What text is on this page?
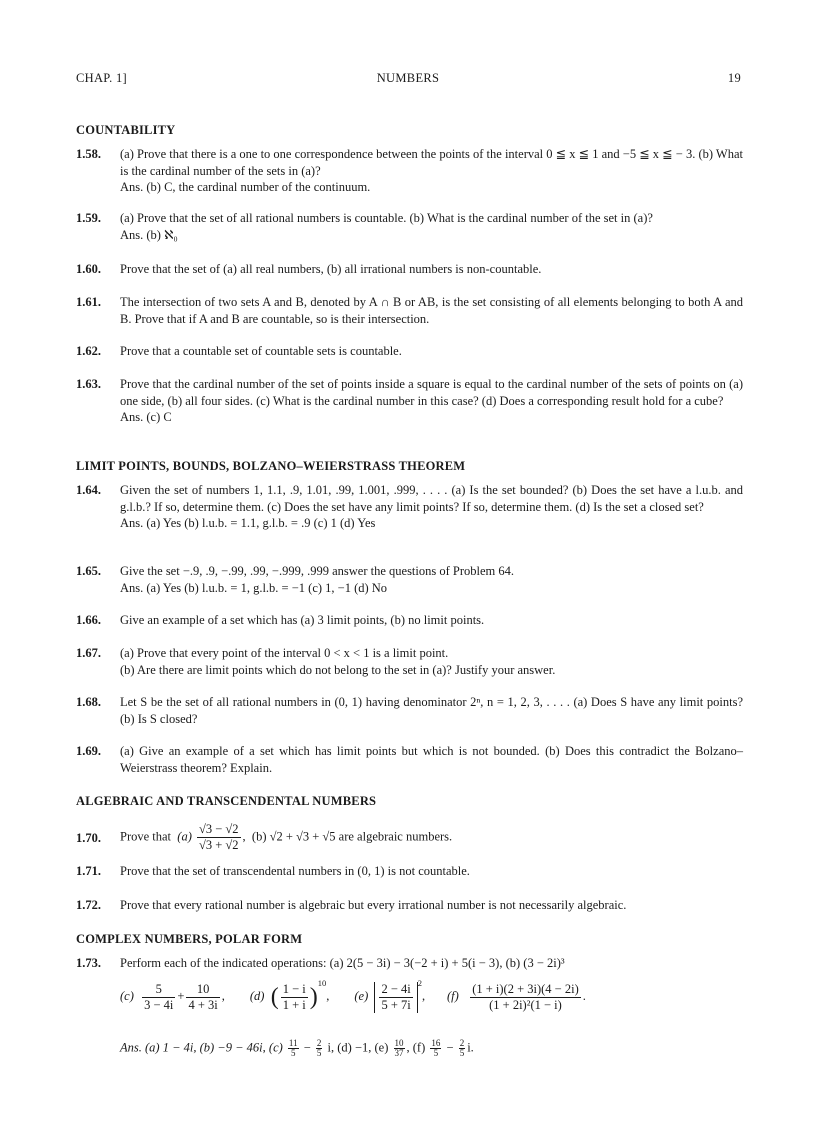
CHAP. 1]	NUMBERS	19
COUNTABILITY
1.58. (a) Prove that there is a one to one correspondence between the points of the interval 0 ≦ x ≦ 1 and −5 ≦ x ≦ − 3. (b) What is the cardinal number of the sets in (a)?
Ans. (b) C, the cardinal number of the continuum.
1.59. (a) Prove that the set of all rational numbers is countable. (b) What is the cardinal number of the set in (a)?
Ans. (b) ℵ₀
1.60. Prove that the set of (a) all real numbers, (b) all irrational numbers is non-countable.
1.61. The intersection of two sets A and B, denoted by A ∩ B or AB, is the set consisting of all elements belonging to both A and B. Prove that if A and B are countable, so is their intersection.
1.62. Prove that a countable set of countable sets is countable.
1.63. Prove that the cardinal number of the set of points inside a square is equal to the cardinal number of the sets of points on (a) one side, (b) all four sides. (c) What is the cardinal number in this case? (d) Does a corresponding result hold for a cube?
Ans. (c) C
LIMIT POINTS, BOUNDS, BOLZANO–WEIERSTRASS THEOREM
1.64. Given the set of numbers 1, 1.1, .9, 1.01, .99, 1.001, .999, . . . . (a) Is the set bounded? (b) Does the set have a l.u.b. and g.l.b.? If so, determine them. (c) Does the set have any limit points? If so, determine them. (d) Is the set a closed set?
Ans. (a) Yes (b) l.u.b. = 1.1, g.l.b. = .9 (c) 1 (d) Yes
1.65. Give the set −.9, .9, −.99, .99, −.999, .999 answer the questions of Problem 64.
Ans. (a) Yes (b) l.u.b. = 1, g.l.b. = −1 (c) 1, −1 (d) No
1.66. Give an example of a set which has (a) 3 limit points, (b) no limit points.
1.67. (a) Prove that every point of the interval 0 < x < 1 is a limit point.
(b) Are there are limit points which do not belong to the set in (a)? Justify your answer.
1.68. Let S be the set of all rational numbers in (0, 1) having denominator 2ⁿ, n = 1, 2, 3, . . . . (a) Does S have any limit points? (b) Is S closed?
1.69. (a) Give an example of a set which has limit points but which is not bounded. (b) Does this contradict the Bolzano–Weierstrass theorem? Explain.
ALGEBRAIC AND TRANSCENDENTAL NUMBERS
1.70. Prove that $(a) \frac{√3 - √2}{√3 + √2}$ ,  (b) √2 + √3 + √5 are algebraic numbers.
1.71. Prove that the set of transcendental numbers in (0, 1) is not countable.
1.72. Prove that every rational number is algebraic but every irrational number is not necessarily algebraic.
COMPLEX NUMBERS, POLAR FORM
1.73. Perform each of the indicated operations: (a) 2(5 − 3i) − 3(−2 + i) + 5(i − 3), (b) (3 − 2i)³
$(c) \frac{5}{3 - 4i} + \frac{10}{4 + 3i}$ ,        (d) ( $\frac{1 - i}{1 + i} )^{10}$,        $(e) \frac{2 - 4i}{5 + 7i} ^2$,       $(f) \frac{(1 + i)(2 + 3i)(4 - 2i)}{\text{(1 + 2i)²(1 − i)}}$ .
Ans. (a) 1 − 4i, (b) −9 − 46i, $(c) \frac{11}{5} - \frac{2}{5} i$, (d) −1, $(e) \frac{10}{37}$ , $(f) \frac{16}{5} - \frac{2}{5} i$.
